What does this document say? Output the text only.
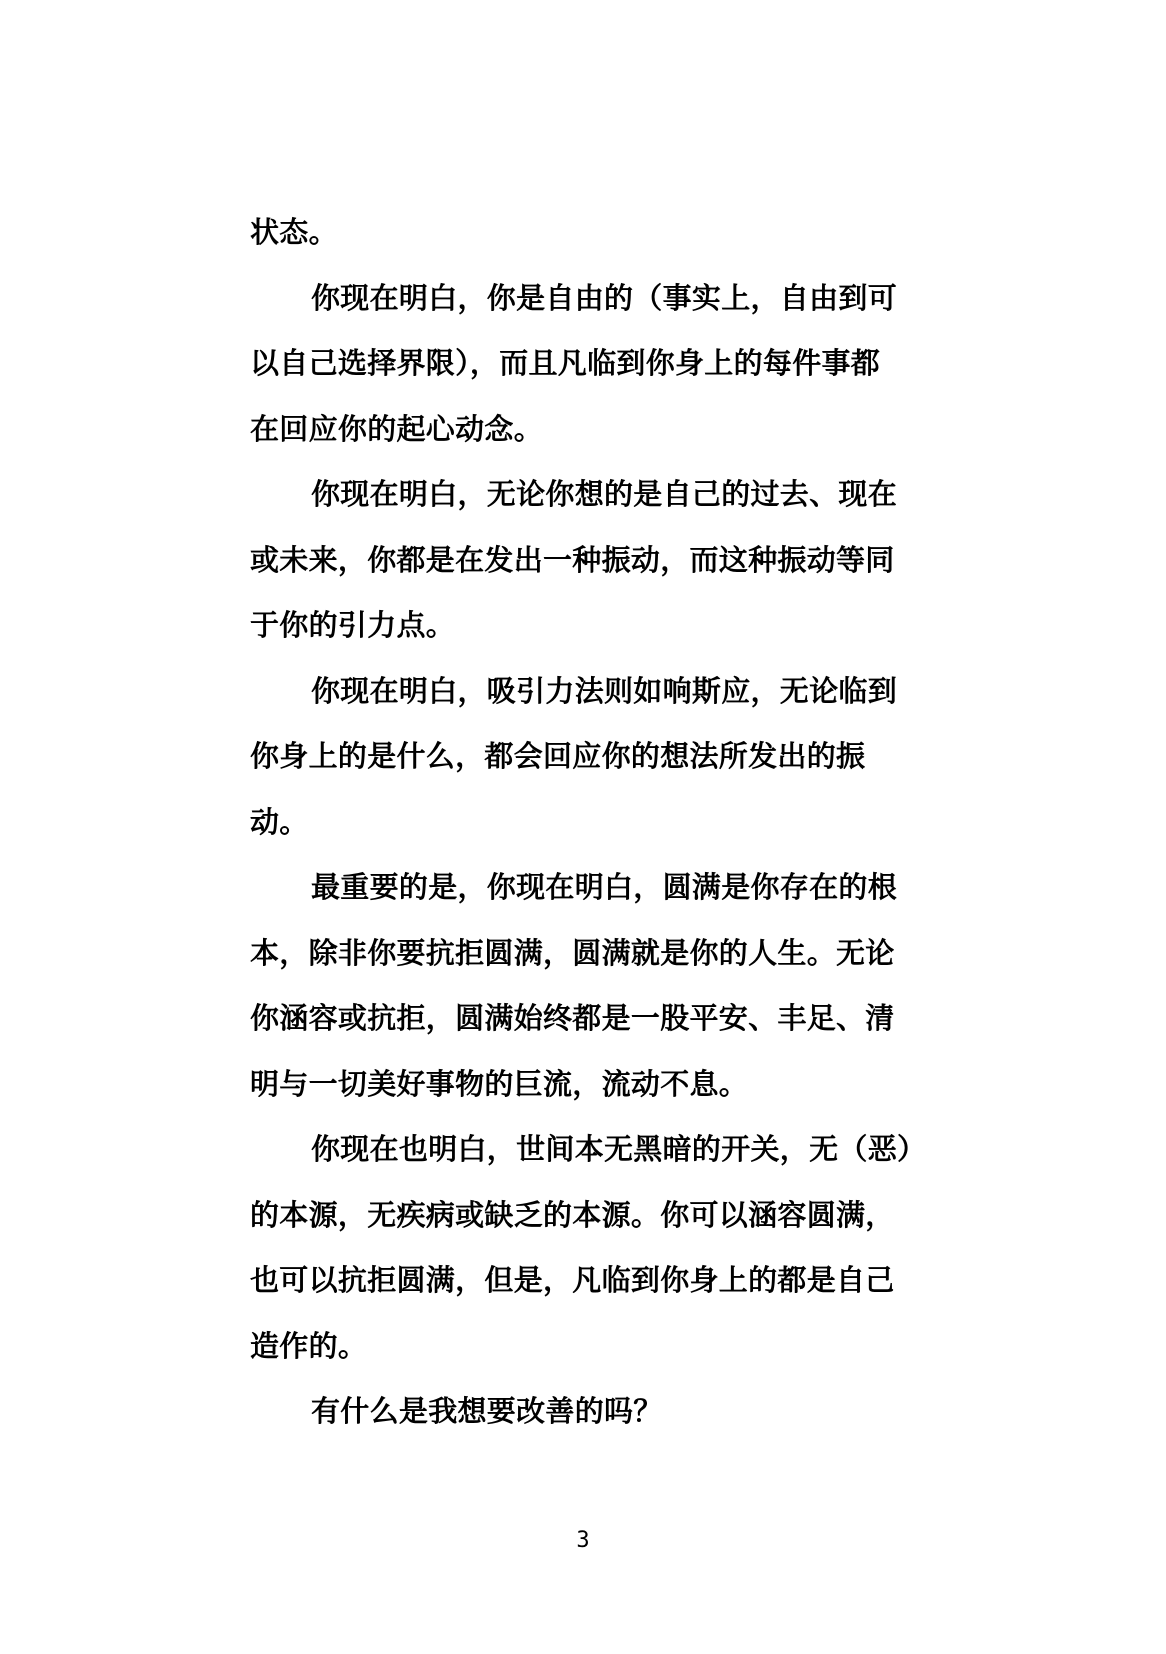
状态。
你现在明白，你是自由的（事实上，自由到可
以自己选择界限），而且凡临到你身上的每件事都
在回应你的起心动念。
你现在明白，无论你想的是自己的过去、现在
或未来，你都是在发出一种振动，而这种振动等同
于你的引力点。
你现在明白，吸引力法则如响斯应，无论临到
你身上的是什么，都会回应你的想法所发出的振
动。
最重要的是，你现在明白，圆满是你存在的根
本，除非你要抗拒圆满，圆满就是你的人生。无论
你涵容或抗拒，圆满始终都是一股平安、丰足、清
明与一切美好事物的巨流，流动不息。
你现在也明白，世间本无黑暗的开关，无（恶）
的本源，无疾病或缺乏的本源。你可以涵容圆满，
也可以抗拒圆满，但是，凡临到你身上的都是自己
造作的。
有什么是我想要改善的吗？
3
